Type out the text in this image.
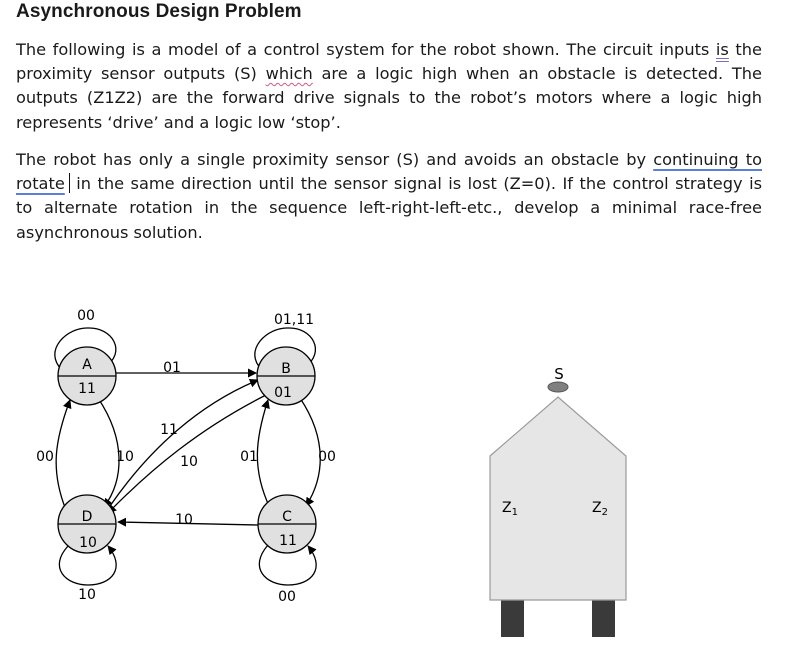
Asynchronous Design Problem

The following is a model of a control system for the robot shown. The circuit inputs is the proximity sensor outputs (S) which are a logic high when an obstacle is detected. The outputs (Z1Z2) are the forward drive signals to the robot’s motors where a logic high represents ‘drive’ and a logic low ‘stop’.

The robot has only a single proximity sensor (S) and avoids an obstacle by continuing to rotate in the same direction until the sensor signal is lost (Z=0). If the control strategy is to alternate rotation in the sequence left-right-left-etc., develop a minimal race-free asynchronous solution.

A
11
B
01
C
11
D
10
00	01,11
00
10
01
10
00
11
10	01	00
10
S
$Z_1$	$Z_2$
